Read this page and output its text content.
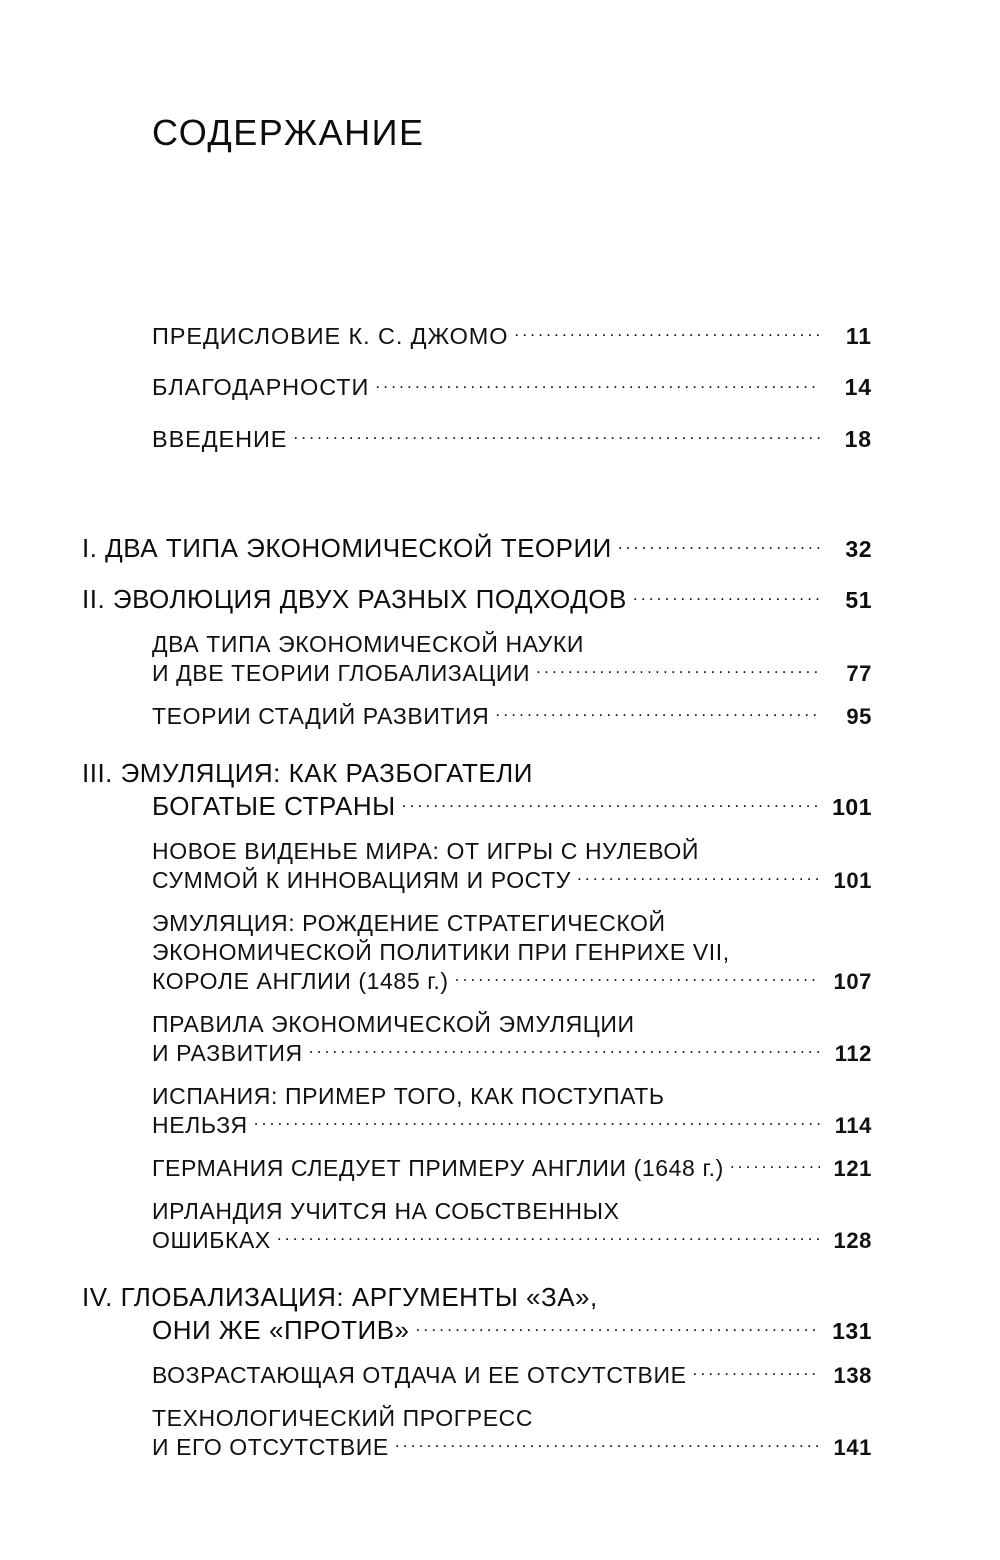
СОДЕРЖАНИЕ
ПРЕДИСЛОВИЕ К. С. ДЖОМО .....	11
БЛАГОДАРНОСТИ .....	14
ВВЕДЕНИЕ .....	18
I. ДВА ТИПА ЭКОНОМИЧЕСКОЙ ТЕОРИИ .....	32
II. ЭВОЛЮЦИЯ ДВУХ РАЗНЫХ ПОДХОДОВ .....	51
ДВА ТИПА ЭКОНОМИЧЕСКОЙ НАУКИ
И ДВЕ ТЕОРИИ ГЛОБАЛИЗАЦИИ .....	77
ТЕОРИИ СТАДИЙ РАЗВИТИЯ .....	95
III. ЭМУЛЯЦИЯ: КАК РАЗБОГАТЕЛИ
БОГАТЫЕ СТРАНЫ .....	101
НОВОЕ ВИДЕНЬЕ МИРА: ОТ ИГРЫ С НУЛЕВОЙ
СУММОЙ К ИННОВАЦИЯМ И РОСТУ .....	101
ЭМУЛЯЦИЯ: РОЖДЕНИЕ СТРАТЕГИЧЕСКОЙ
ЭКОНОМИЧЕСКОЙ ПОЛИТИКИ ПРИ ГЕНРИХЕ VII,
КОРОЛЕ АНГЛИИ (1485 г.) .....	107
ПРАВИЛА ЭКОНОМИЧЕСКОЙ ЭМУЛЯЦИИ
И РАЗВИТИЯ .....	112
ИСПАНИЯ: ПРИМЕР ТОГО, КАК ПОСТУПАТЬ
НЕЛЬЗЯ .....	114
ГЕРМАНИЯ СЛЕДУЕТ ПРИМЕРУ АНГЛИИ (1648 г.) .....	121
ИРЛАНДИЯ УЧИТСЯ НА СОБСТВЕННЫХ
ОШИБКАХ .....	128
IV. ГЛОБАЛИЗАЦИЯ: АРГУМЕНТЫ «ЗА»,
ОНИ ЖЕ «ПРОТИВ» .....	131
ВОЗРАСТАЮЩАЯ ОТДАЧА И ЕЕ ОТСУТСТВИЕ .....	138
ТЕХНОЛОГИЧЕСКИЙ ПРОГРЕСС
И ЕГО ОТСУТСТВИЕ .....	141
